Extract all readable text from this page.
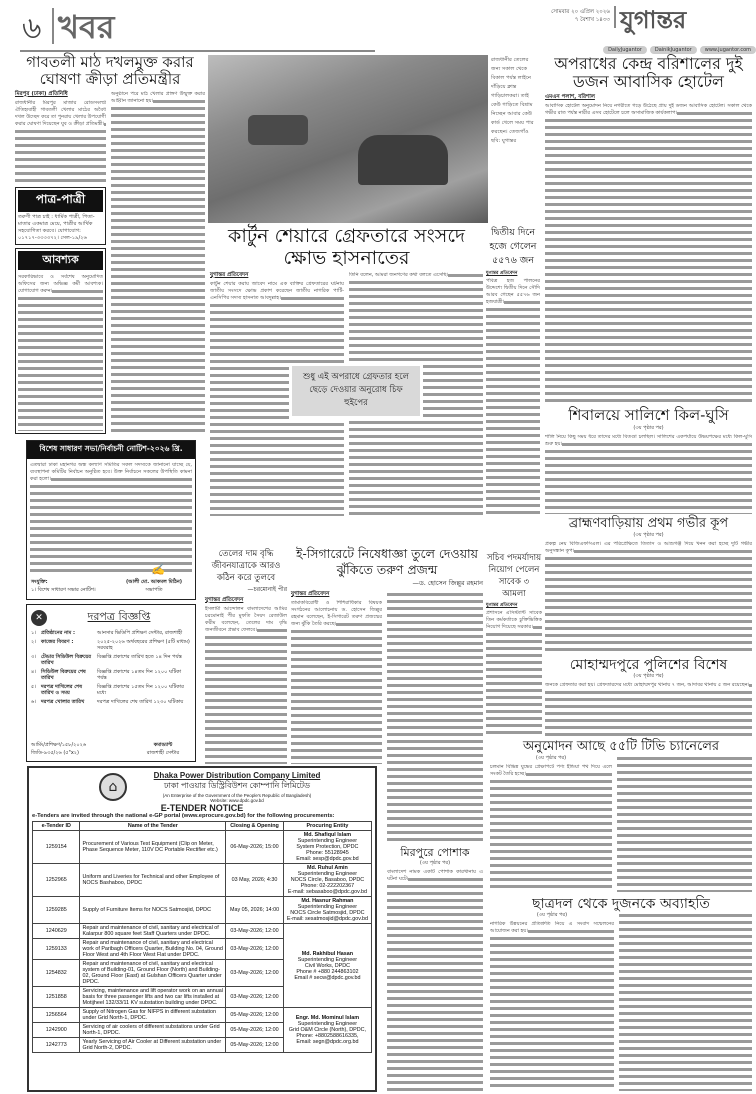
৬ খবর	সোমবার ২০ এপ্রিল ২০২৬
৭ বৈশাখ ১৪৩৩ যুগান্তর
DailyJugantor	DainikJugantor	www.jugantor.com
গাবতলী মাঠ দখলমুক্ত করার ঘোষণা ক্রীড়া প্রতিমন্ত্রীর
মিরপুর (ঢাকা) প্রতিনিধি
রাজধানীর মিরপুর মাজার রোডসংলগ্ন ঐতিহ্যবাহী গাবতলী খেলার মাঠের অবৈধ দখল উচ্ছেদ করে তা পুনরায় খেলার উপযোগী করার ঘোষণা দিয়েছেন যুব ও ক্রীড়া প্রতিমন্ত্রী।
পাত্র-পাত্রী
তরুণী পাত্র চাই : ধার্মিক পাত্রী, পিতা-মাতার একমাত্র মেয়ে, পাত্রীর আর্থিক সহযোগিতা করবে। যোগাযোগ: ০১৭১৭-৩৩৩৩৭২। সেল-১৯/২৬
আবশ্যক
সরকারিভাবে ও সর্বশেষ অনুমোদিত অফিসের জন্য অভিজ্ঞ কর্মী আবশ্যক। যোগাযোগ করুন।
অনুষ্ঠানে পরে মাঠ খেলার প্রাঙ্গণ উন্মুক্ত করার আহ্বান জানানো হয়।
বিশেষ সাধারণ সভা/নির্বাচনী নোটিশ-২০২৬ খ্রি.
এতদ্বারা ঢাকা মহানগর অন্ধ কল্যাণ সমিতির সকল সদস্যকে জানানো যাচ্ছে যে, ব্যবস্থাপনা কমিটির নির্বাচন অনুষ্ঠিত হবে। উক্ত নির্বাচনে সকলের উপস্থিতি কামনা করা হলো।
✍
সংযুক্তি:
১। বিশেষ সাধারণ সভার নোটিশ।
(আলী মো. আকমল মিঠিন)
সভাপতি
✕	দরপত্র বিজ্ঞপ্তি
১। প্রতিষ্ঠানের নাম :	আনসার ভিডিপি প্রশিক্ষণ সেন্টার, রাজশাহী
২। কাজের বিবরণ :	২০২৫-২০২৬ অর্থবছরের প্রশিক্ষণ (৫টি মাধ্যম) সরবরাহ
৩। টেন্ডার সিডিউল বিক্রয়ের তারিখ
বিজ্ঞপ্তি প্রকাশের তারিখ হতে ১৪ দিন পর্যন্ত
৪। সিডিউল বিক্রয়ের শেষ তারিখ
বিজ্ঞপ্তি প্রকাশের ১৪তম দিন ১২০০ ঘটিকা পর্যন্ত
৫। দরপত্র দাখিলের শেষ তারিখ ও সময়
বিজ্ঞপ্তি প্রকাশের ১৫তম দিন ১২০০ ঘটিকার মধ্যে
৬। দরপত্র খোলার তারিখ	দরপত্র দাখিলের শেষ তারিখ ১২৩০ ঘটিকায়
আর্মিং/প্রশিক্ষণ/১৫৮/২০২৬
জিডি-৯৩৫/২৬ (৫"x২)
কমান্ড্যান্ট
রাজশাহী সেন্টার
রাজধানীর তেলের জন্য সকাল থেকে বিকাল পর্যন্ত লাইনে দাঁড়িয়ে ক্লান্ত গাড়িচালকরা। তাই কেউ গাড়িতে বিশ্রাম নিচ্ছেন আবার কেউ কার্ড খেলে সময় পার করছেন। তেজগাঁও ছবি: যুগান্তর
অপরাধের কেন্দ্র বরিশালের দুই ডজন আবাসিক হোটেল
এমএন পলাশ, বরিশাল
আবাসিক হোটেল অনুমোদন নিয়ে নগরীতে গড়ে উঠেছে প্রায় দুই ডজন আবাসিক হোটেল। সকাল থেকে গভীর রাত পর্যন্ত নারীর এসব হোটেলে চলে অসামাজিক কার্যকলাপ।
শিবালয়ে সালিশে কিল-ঘুসি
(৩য় পৃষ্ঠার পর)
শালি নিয়ে কিছু সময় ধরে তাদের মধ্যে বিতণ্ডা চলছিল। সালিশের একপর্যায়ে উভয়পক্ষের মধ্যে কিল-ঘুসি শুরু হয়।
ব্রাহ্মণবাড়িয়ায় প্রথম গভীর কূপ
(৩য় পৃষ্ঠার পর)
প্রকল্প নেয় বিজিএফসিএল। এর পরিপ্রেক্ষিতে তিতাস ও আশুগঞ্জ দিয়ে খনন করা হচ্ছে দুটি গভীর অনুসন্ধান কূপ।
মোহাম্মদপুরে পুলিশের বিশেষ
(৩য় পৃষ্ঠার পর)
জনকে গ্রেফতার করা হয়। গ্রেফতারদের মধ্যে মোহাম্মদপুর থানায় ৭ জন, আদাবর থানায় ৫ জন রয়েছেন।
কার্টুন শেয়ারে গ্রেফতারে সংসদে ক্ষোভ হাসনাতের
যুগান্তর প্রতিবেদন
কার্টুন শেয়ার করায় জাবেদ নামে এক ব্যক্তির গ্রেফতারের ঘটনায় জাতীয় সংসদে ক্ষোভ প্রকাশ করেছেন জাতীয় নাগরিক পার্টি-এনসিপির সদস্য হাসনাত আবদুল্লাহ।
তিনি বলেন, আমরা জনগণের কথা বলতে এসেছি।
শুধু এই অপরাধে গ্রেফতার হলে ছেড়ে দেওয়ার অনুরোধ চিফ হুইপের
দ্বিতীয় দিনে হজে গেলেন ৫৫৭৬ জন
যুগান্তর প্রতিবেদন
পবিত্র হজ পালনের উদ্দেশ্যে দ্বিতীয় দিনে সৌদি আরব গেছেন ৫৫৭৬ জন হজযাত্রী।
তেলের দাম বৃদ্ধি জীবনযাত্রাকে আরও কঠিন করে তুলবে
—চরমোনাই পীর
যুগান্তর প্রতিবেদন
ইসলামী আন্দোলন বাংলাদেশের আমির চরমোনাই পীর মুফতি সৈয়দ রেজাউল করীম বলেছেন, তেলের দাম বৃদ্ধি জনজীবনে প্রভাব ফেলবে।
ই-সিগারেটে নিষেধাজ্ঞা তুলে দেওয়ায় ঝুঁকিতে তরুণ প্রজন্ম
—ড. হোসেন জিল্লুর রহমান
যুগান্তর প্রতিবেদন
তামাকবিরোধী ও শিশিরাধিকার বিষয়ক সংগঠনের আলোচনায় ড. হোসেন জিল্লুর রহমান বলেছেন, ই-সিগারেট তরুণ প্রজন্মের জন্য ঝুঁকি তৈরি করছে।
মিরপুরে পোশাক
(৩য় পৃষ্ঠার পর)
বাংলাদেশ নামক একটি পোশাক কারখানায় এ ঘটনা ঘটে।
সচিব পদমর্যাদায় নিয়োগ পেলেন সাবেক ৩ আমলা
যুগান্তর প্রতিবেদন
প্রশাসনে এসিস্ট্যান্ট সাবেক তিন কর্মকর্তাকে চুক্তিভিত্তিক নিয়োগ দিয়েছে সরকার।
অনুমোদন আছে ৫৫টি টিভি চ্যানেলের
(৩য় পৃষ্ঠার পর)
চলমান বিভিন্ন যুদ্ধের প্রেক্ষাপটে পণ্য ইন্ডিয়া পথ দিয়ে এলে সংকট তৈরি হচ্ছে।
ছাত্রদল থেকে দুজনকে অব্যাহতি
(৩য় পৃষ্ঠার পর)
নাগরিক উন্নয়নের প্রতিশ্রুতি নিয়ে এ সংবাদ সম্মেলনের আয়োজন করা হয়।
⌂
Dhaka Power Distribution Company Limited
ঢাকা পাওয়ার ডিস্ট্রিবিউশন কোম্পানি লিমিটেড
(An Enterprise of the Government of the People's Republic of Bangladesh)
Website: www.dpdc.gov.bd
E-TENDER NOTICE
e-Tenders are invited through the national e-GP portal (www.eprocure.gov.bd) for the following procurements:
e-Tender ID	Name of the Tender	Closing & Opening	Procuring Entity
1259154	Procurement of Various Test Equipment (Clip on Meter, Phase Sequence Meter, 110V DC Portable Rectifier etc.)	06-May-2026; 15:00	Md. Shafiqul Islam
Superintending Engineer
System Protection, DPDC
Phone: 55128945
Email: sesp@dpdc.gov.bd

1252965	Uniform and Liveries for Technical and other Employee of NOCS Bashaboo, DPDC	03 May, 2026; 4:30	Md. Ruhul Amin
Superintending Engineer
NOCS Circle, Basaboo, DPDC
Phone: 02-222202367
E-mail: sebasaboo@dpdc.gov.bd

1259285	Supply of Furniture Items for NOCS Satmosjid, DPDC	May 05, 2026; 14:00	Md. Hasnur Rahman
Superintending Engineer
NOCS Circle Satmosjid, DPDC
E-mail: sesatmosjid@dpdc.gov.bd

1240629	Repair and maintenance of civil, sanitary and electrical of Kalarpur 800 square feet Staff Quarters under DPDC.	03-May-2026; 12:00	Md. Rakhibul Hasan
Superintending Engineer
Civil Works, DPDC
Phone # +880 244863102
Email # secw@dpdc.gov.bd

1259133	Repair and maintenance of civil, sanitary and electrical work of Paribagh Officers Quarter, Building No. 04, Ground Floor West and 4th Floor West Flat under DPDC.	03-May-2026; 12:00	
1254832	Repair and maintenance of civil, sanitary and electrical system of Building-01, Ground Floor (North) and Building-02, Ground Floor (East) at Gulshan Officers Quarter under DPDC.	03-May-2026; 12:00	
1251858	Servicing, maintenance and lift operator work on an annual basis for three passenger lifts and two car lifts installed at Motijheel 132/33/11 KV substation building under DPDC.	03-May-2026; 12:00	
1256564	Supply of Nitrogen Gas for NIFPS in different substation under Grid North-1, DPDC.	05-May-2026; 12:00	Engr. Md. Mominul Islam
Superintending Engineer
Grid O&M Circle (North), DPDC,
Phone: +8802588616335,
Email: segn@dpdc.org.bd

1242900	Servicing of air coolers of different substations under Grid North-1, DPDC.	05-May-2026; 12:00	
1242773	Yearly Servicing of Air Cooler at Different substation under Grid North-2, DPDC.	05-May-2026; 12:00	
